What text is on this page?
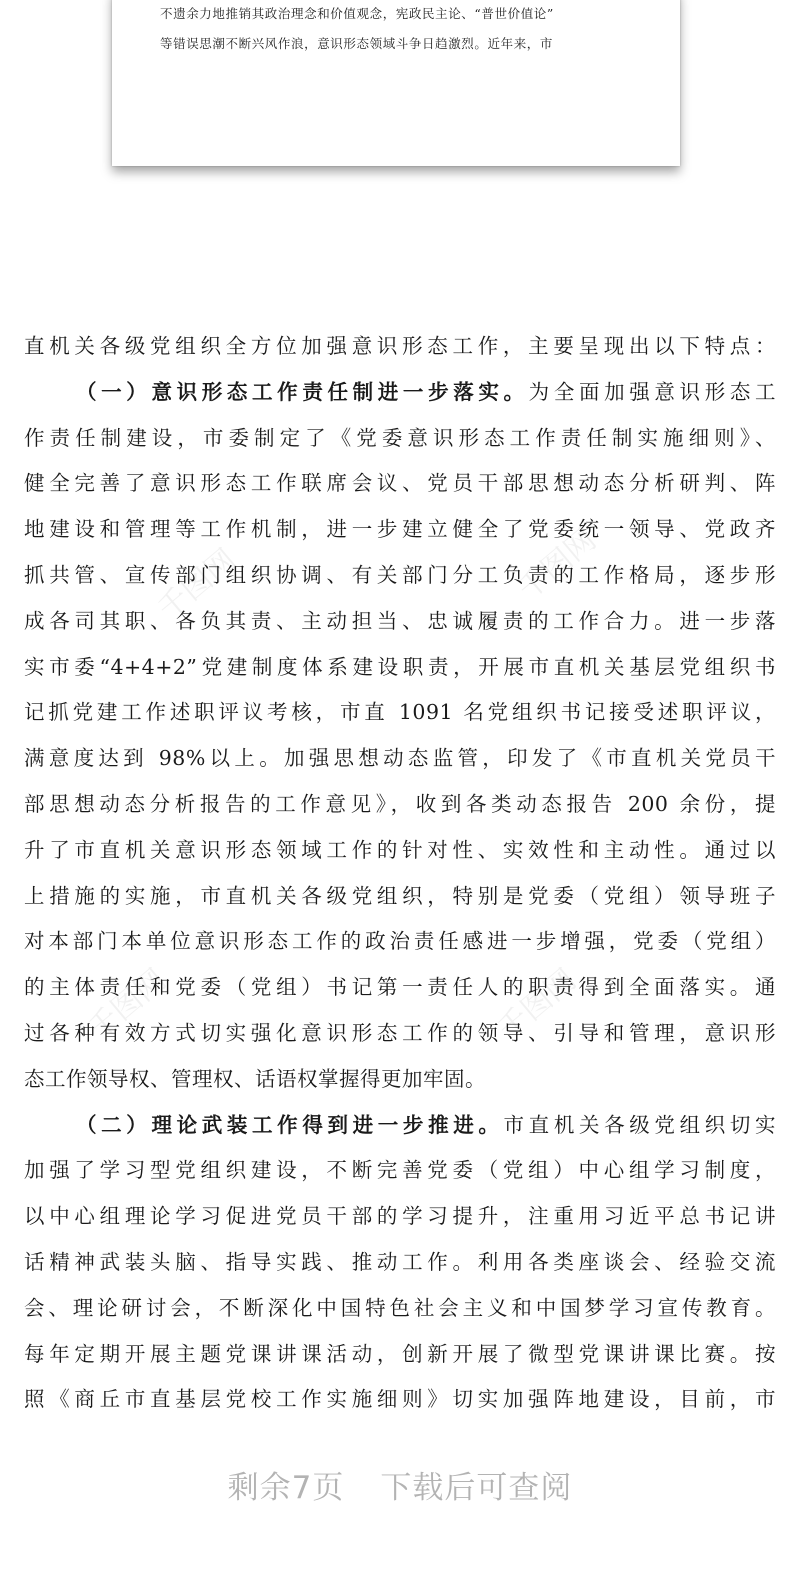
不遗余力地推销其政治理念和价值观念，宪政民主论、“普世价值论”
等错误思潮不断兴风作浪，意识形态领域斗争日趋激烈。近年来，市
千图网	千图网
千图网	千图网
直机关各级党组织全方位加强意识形态工作，主要呈现出以下特点：
（一）意识形态工作责任制进一步落实。为全面加强意识形态工
作责任制建设，市委制定了《党委意识形态工作责任制实施细则》、
健全完善了意识形态工作联席会议、党员干部思想动态分析研判、阵
地建设和管理等工作机制，进一步建立健全了党委统一领导、党政齐
抓共管、宣传部门组织协调、有关部门分工负责的工作格局，逐步形
成各司其职、各负其责、主动担当、忠诚履责的工作合力。进一步落
实市委“4+4+2”党建制度体系建设职责，开展市直机关基层党组织书
记抓党建工作述职评议考核，市直 1091 名党组织书记接受述职评议，
满意度达到 98%以上。加强思想动态监管，印发了《市直机关党员干
部思想动态分析报告的工作意见》，收到各类动态报告 200 余份，提
升了市直机关意识形态领域工作的针对性、实效性和主动性。通过以
上措施的实施，市直机关各级党组织，特别是党委（党组）领导班子
对本部门本单位意识形态工作的政治责任感进一步增强，党委（党组）
的主体责任和党委（党组）书记第一责任人的职责得到全面落实。通
过各种有效方式切实强化意识形态工作的领导、引导和管理，意识形
态工作领导权、管理权、话语权掌握得更加牢固。
（二）理论武装工作得到进一步推进。市直机关各级党组织切实
加强了学习型党组织建设，不断完善党委（党组）中心组学习制度，
以中心组理论学习促进党员干部的学习提升，注重用习近平总书记讲
话精神武装头脑、指导实践、推动工作。利用各类座谈会、经验交流
会、理论研讨会，不断深化中国特色社会主义和中国梦学习宣传教育。
每年定期开展主题党课讲课活动，创新开展了微型党课讲课比赛。按
照《商丘市直基层党校工作实施细则》切实加强阵地建设，目前，市
剩余7页 下载后可查阅
